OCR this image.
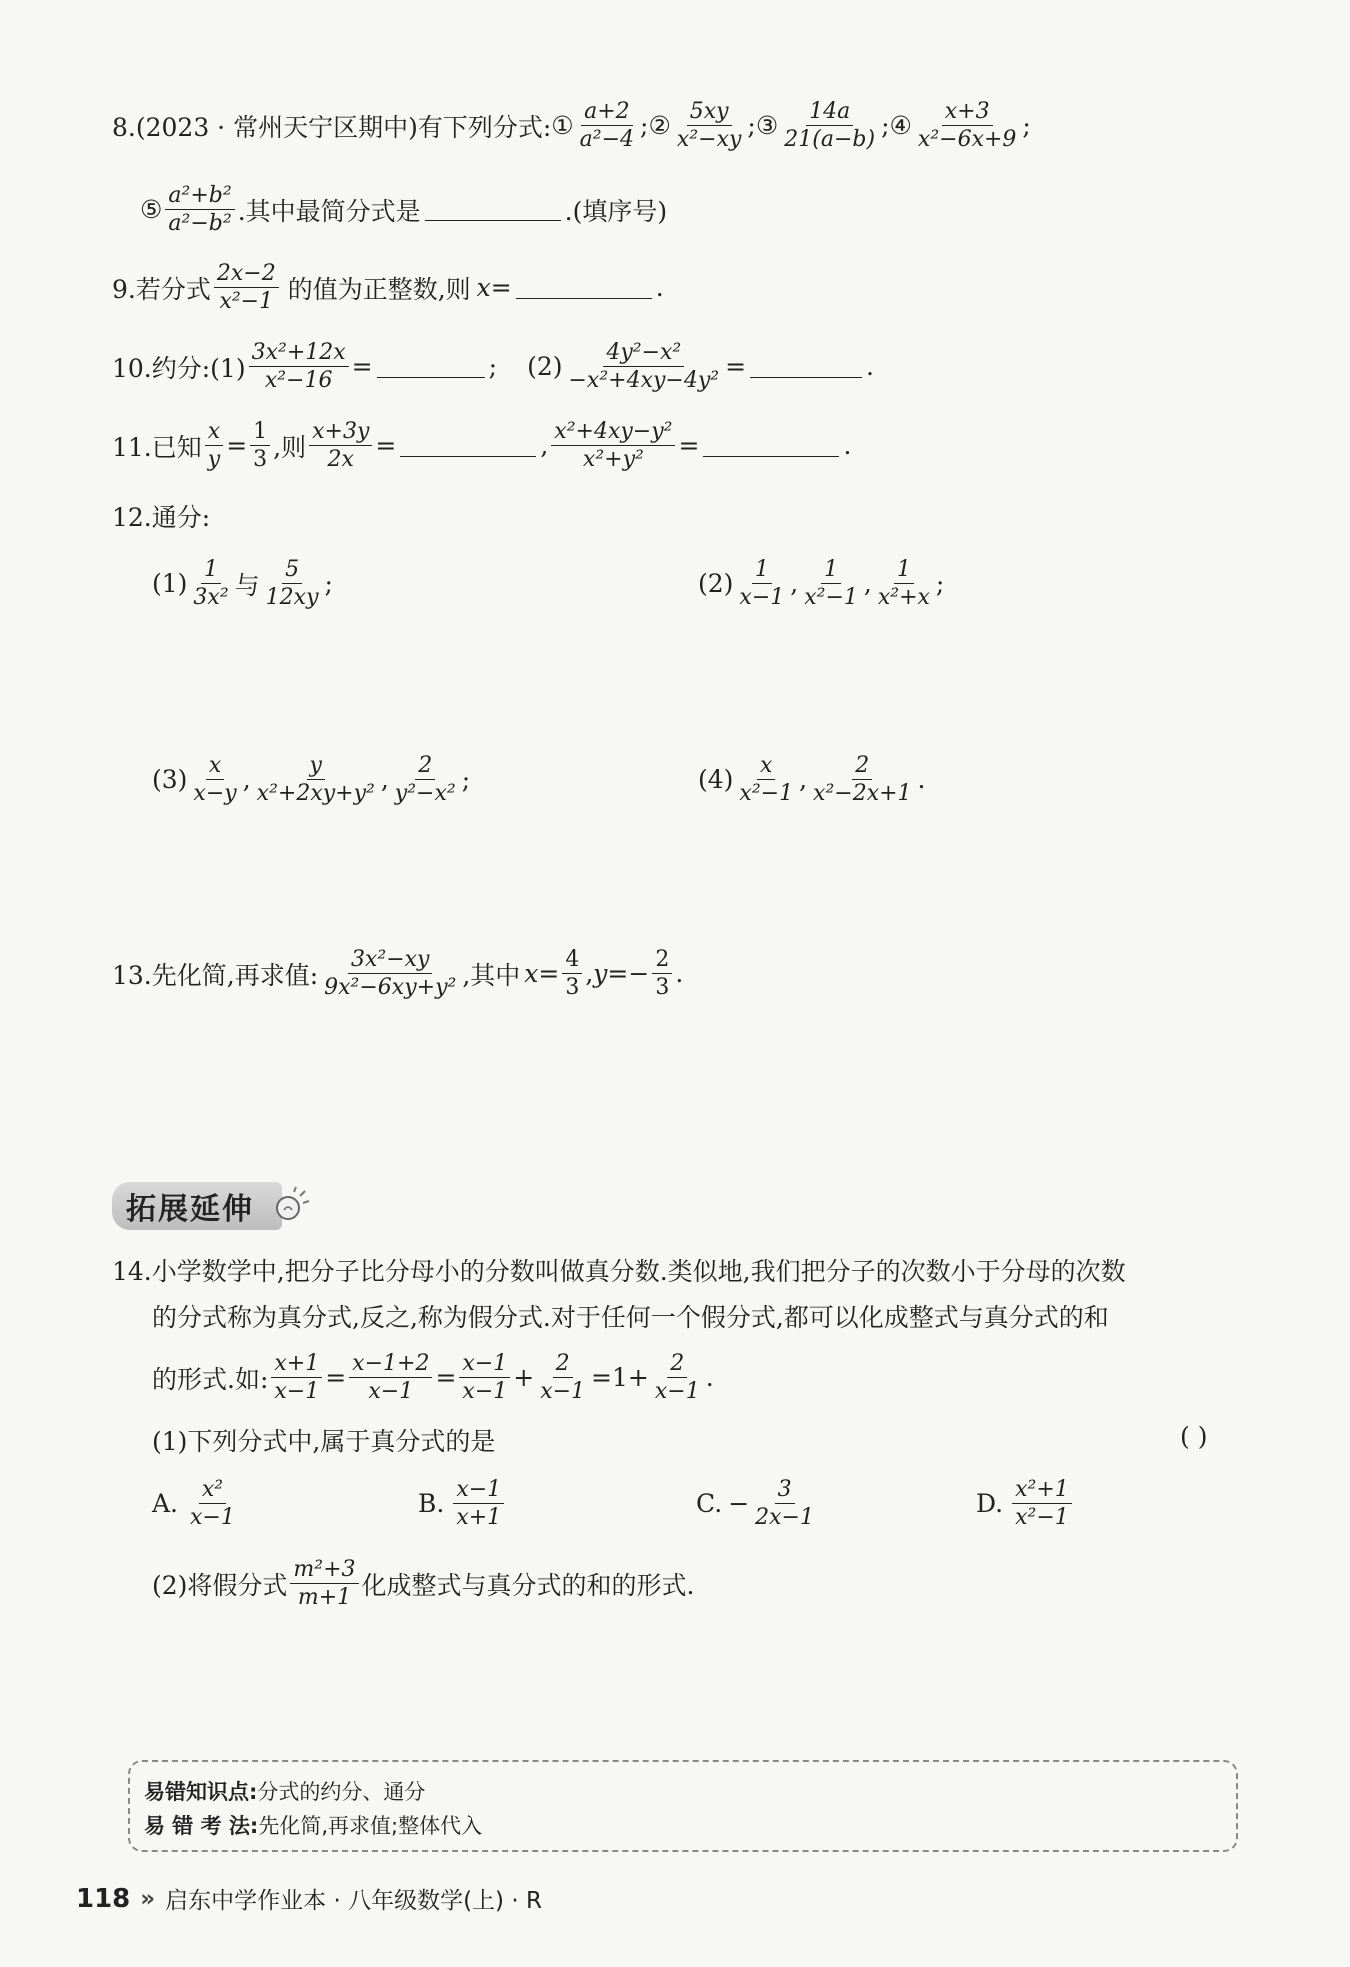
8.(2023 · 常州天宁区期中)有下列分式: ① $\frac{a+2}{\text{a²−4}}$ ; ② $\frac{5xy}{\text{x²−xy}}$ ; ③ $\frac{14a}{21(a-b)}$ ; ④ $\frac{x+3}{\text{x²−6x+9}}$ ;
⑤ $\frac{\text{a²+b²}}{\text{a²−b²}}$ .其中最简分式是	.(填序号)
9.若分式 $\frac{2x-2}{\text{x²−1}}$ 的值为正整数,则 x =	.
10.约分:(1) $\frac{\text{3x²+12x}}{\text{x²−16}}$ =	; $(2) \frac{\text{4y²−x²}}{\text{−x²+4xy−4y²}}$ =	.
11.已知 $\frac{x}{y} = \frac{1}{3}$ ,则 $\frac{x+3y}{2x}$ =	, $\frac{\text{x²+4xy−y²}}{\text{x²+y²}}$ =	.
12.通分:
$(1) \frac{1}{\text{3x²}}$ 与 $\frac{5}{12xy}$ ;	$(2) \frac{1}{x-1}$ , $\frac{1}{\text{x²−1}}$ , $\frac{1}{\text{x²+x}}$ ;
$(3) \frac{x}{x-y}$ , $\frac{y}{\text{x²+2xy+y²}}$ , $\frac{2}{\text{y²−x²}}$ ;	$(4) \frac{x}{\text{x²−1}}$ , $\frac{2}{\text{x²−2x+1}}$ .
13.先化简,再求值: $\frac{\text{3x²−xy}}{\text{9x²−6xy+y²}}$ ,其中 $x = \frac{4}{3}$ , $y =- \frac{2}{3}$ .
拓展延伸
14.小学数学中,把分子比分母小的分数叫做真分数.类似地,我们把分子的次数小于分母的次数
的分式称为真分式,反之,称为假分式.对于任何一个假分式,都可以化成整式与真分式的和
的形式.如: $\frac{x+1}{x-1} = \frac{x-1+2}{x-1} = \frac{x-1}{x-1} + \frac{2}{x-1} =1+ \frac{2}{x-1}$ .
(1)下列分式中,属于真分式的是	( )
A. $\frac{\text{x²}}{x-1}$	B. $\frac{x-1}{x+1}$	C. − $\frac{3}{2x-1}$	D. $\frac{\text{x²+1}}{\text{x²−1}}$
(2)将假分式 $\frac{\text{m²+3}}{m+1}$ 化成整式与真分式的和的形式.
易错知识点:分式的约分、通分
易 错 考 法:先化简,再求值;整体代入
118 » 启东中学作业本 · 八年级数学(上) · R
